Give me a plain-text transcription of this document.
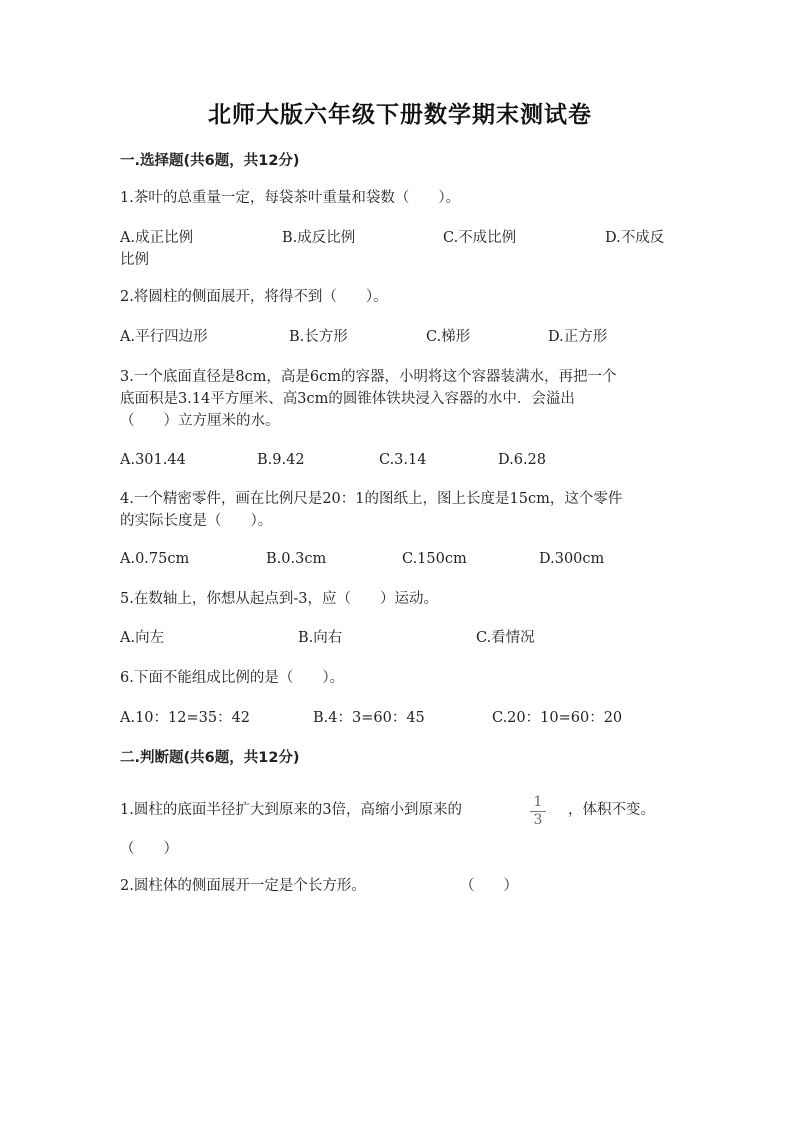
北师大版六年级下册数学期末测试卷
一.选择题(共6题，共12分)
1.茶叶的总重量一定，每袋茶叶重量和袋数（　　）。
A.成正比例	B.成反比例	C.不成比例	D.不成反
比例
2.将圆柱的侧面展开，将得不到（　　）。
A.平行四边形	B.长方形	C.梯形	D.正方形
3.一个底面直径是8cm，高是6cm的容器，小明将这个容器装满水，再把一个
底面积是3.14平方厘米、高3cm的圆锥体铁块浸入容器的水中．会溢出
（　　）立方厘米的水。
A.301.44	B.9.42	C.3.14	D.6.28
4.一个精密零件，画在比例尺是20：1的图纸上，图上长度是15cm，这个零件
的实际长度是（　　）。
A.0.75cm	B.0.3cm	C.150cm	D.300cm
5.在数轴上，你想从起点到-3，应（　　）运动。
A.向左	B.向右	C.看情况
6.下面不能组成比例的是（　　）。
A.10：12=35：42	B.4：3=60：45	C.20：10=60：20
二.判断题(共6题，共12分)
1.圆柱的底面半径扩大到原来的3倍，高缩小到原来的	1
3
，体积不变。
（　　）
2.圆柱体的侧面展开一定是个长方形。	（　　）
